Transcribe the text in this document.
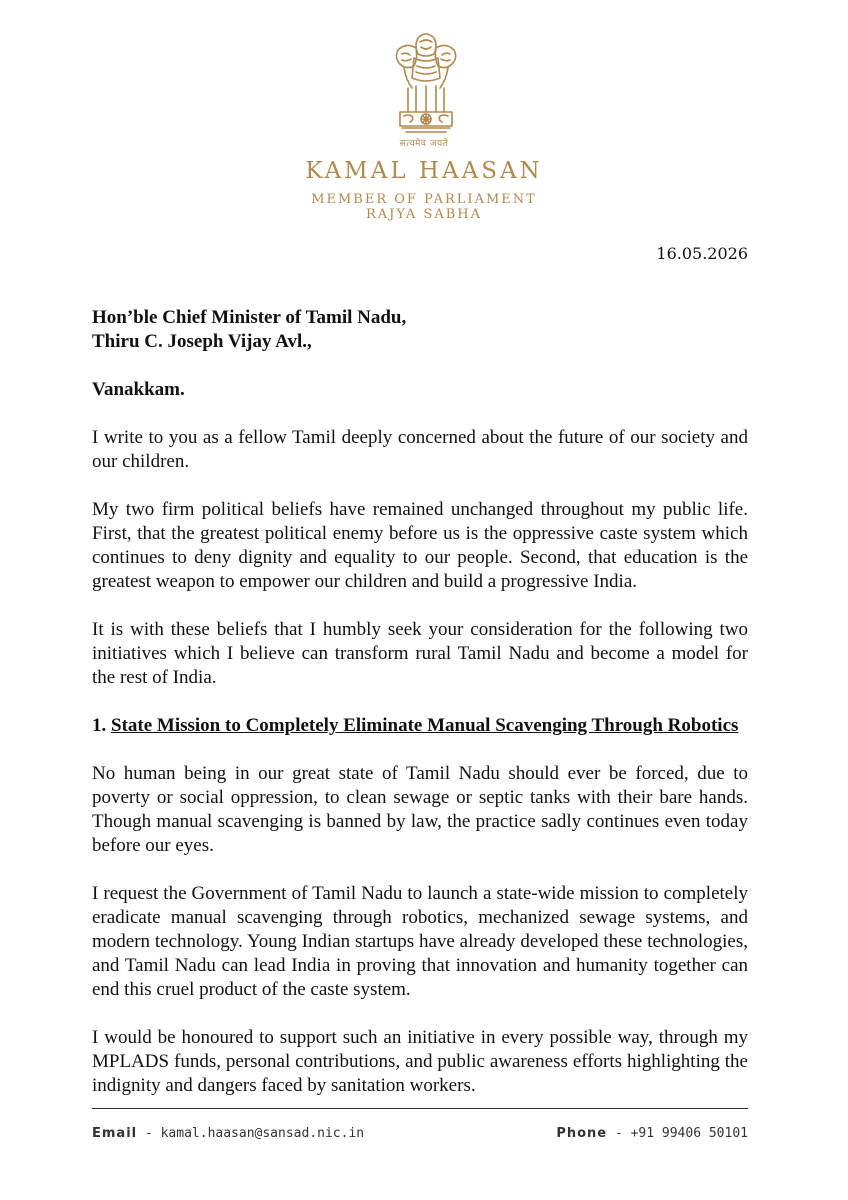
सत्यमेव जयते
KAMAL HAASAN
MEMBER OF PARLIAMENT
RAJYA SABHA
16.05.2026
Hon’ble Chief Minister of Tamil Nadu,
Thiru C. Joseph Vijay Avl.,

Vanakkam.

I write to you as a fellow Tamil deeply concerned about the future of our society and our children.

My two firm political beliefs have remained unchanged throughout my public life. First, that the greatest political enemy before us is the oppressive caste system which continues to deny dignity and equality to our people. Second, that education is the greatest weapon to empower our children and build a progressive India.

It is with these beliefs that I humbly seek your consideration for the following two initiatives which I believe can transform rural Tamil Nadu and become a model for the rest of India.

1. State Mission to Completely Eliminate Manual Scavenging Through Robotics

No human being in our great state of Tamil Nadu should ever be forced, due to poverty or social oppression, to clean sewage or septic tanks with their bare hands. Though manual scavenging is banned by law, the practice sadly continues even today before our eyes.

I request the Government of Tamil Nadu to launch a state-wide mission to completely eradicate manual scavenging through robotics, mechanized sewage systems, and modern technology. Young Indian startups have already developed these technologies, and Tamil Nadu can lead India in proving that innovation and humanity together can end this cruel product of the caste system.

I would be honoured to support such an initiative in every possible way, through my MPLADS funds, personal contributions, and public awareness efforts highlighting the indignity and dangers faced by sanitation workers.

Email - kamal.haasan@sansad.nic.in	Phone - +91 99406 50101
